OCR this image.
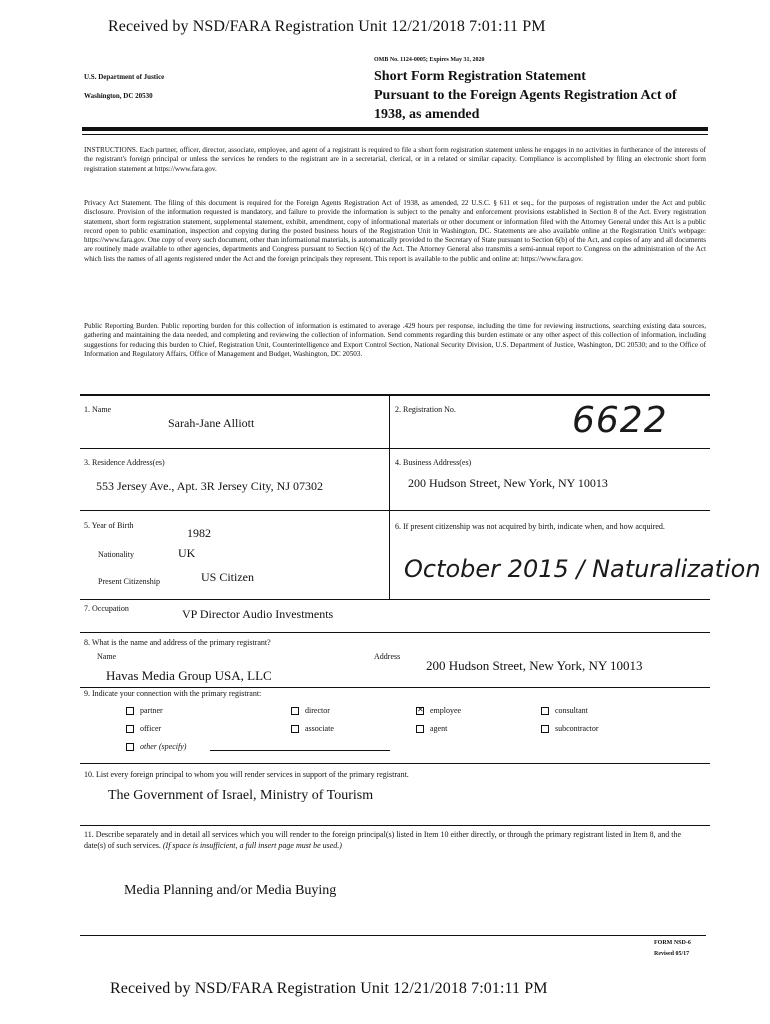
Received by NSD/FARA Registration Unit 12/21/2018 7:01:11 PM
U.S. Department of Justice
Washington, DC 20530
OMB No. 1124-0005; Expires May 31, 2020
Short Form Registration Statement
Pursuant to the Foreign Agents Registration Act of
1938, as amended
INSTRUCTIONS. Each partner, officer, director, associate, employee, and agent of a registrant is required to file a short form registration statement unless he engages in no activities in furtherance of the interests of the registrant's foreign principal or unless the services he renders to the registrant are in a secretarial, clerical, or in a related or similar capacity. Compliance is accomplished by filing an electronic short form registration statement at https://www.fara.gov.
Privacy Act Statement. The filing of this document is required for the Foreign Agents Registration Act of 1938, as amended, 22 U.S.C. § 611 et seq., for the purposes of registration under the Act and public disclosure. Provision of the information requested is mandatory, and failure to provide the information is subject to the penalty and enforcement provisions established in Section 8 of the Act. Every registration statement, short form registration statement, supplemental statement, exhibit, amendment, copy of informational materials or other document or information filed with the Attorney General under this Act is a public record open to public examination, inspection and copying during the posted business hours of the Registration Unit in Washington, DC. Statements are also available online at the Registration Unit's webpage: https://www.fara.gov. One copy of every such document, other than informational materials, is automatically provided to the Secretary of State pursuant to Section 6(b) of the Act, and copies of any and all documents are routinely made available to other agencies, departments and Congress pursuant to Section 6(c) of the Act. The Attorney General also transmits a semi-annual report to Congress on the administration of the Act which lists the names of all agents registered under the Act and the foreign principals they represent. This report is available to the public and online at: https://www.fara.gov.
Public Reporting Burden. Public reporting burden for this collection of information is estimated to average .429 hours per response, including the time for reviewing instructions, searching existing data sources, gathering and maintaining the data needed, and completing and reviewing the collection of information. Send comments regarding this burden estimate or any other aspect of this collection of information, including suggestions for reducing this burden to Chief, Registration Unit, Counterintelligence and Export Control Section, National Security Division, U.S. Department of Justice, Washington, DC 20530; and to the Office of Information and Regulatory Affairs, Office of Management and Budget, Washington, DC 20503.
1. Name
Sarah-Jane Alliott
2. Registration No.	6622
3. Residence Address(es)
553 Jersey Ave., Apt. 3R Jersey City, NJ 07302
4. Business Address(es)
200 Hudson Street, New York, NY 10013
5. Year of Birth
1982
Nationality	UK
Present Citizenship	US Citizen
6. If present citizenship was not acquired by birth, indicate when, and how acquired.
October 2015 / Naturalization
7. Occupation	VP Director Audio Investments
8. What is the name and address of the primary registrant?
Name
Havas Media Group USA, LLC
Address
200 Hudson Street, New York, NY 10013
9. Indicate your connection with the primary registrant:
partner	director
✕	employee	consultant
officer	associate	agent	subcontractor
other (specify)
10. List every foreign principal to whom you will render services in support of the primary registrant.
The Government of Israel, Ministry of Tourism
11. Describe separately and in detail all services which you will render to the foreign principal(s) listed in Item 10 either directly, or through the primary registrant listed in Item 8, and the date(s) of such services. (If space is insufficient, a full insert page must be used.)
Media Planning and/or Media Buying
FORM NSD-6
Revised 05/17
Received by NSD/FARA Registration Unit 12/21/2018 7:01:11 PM
